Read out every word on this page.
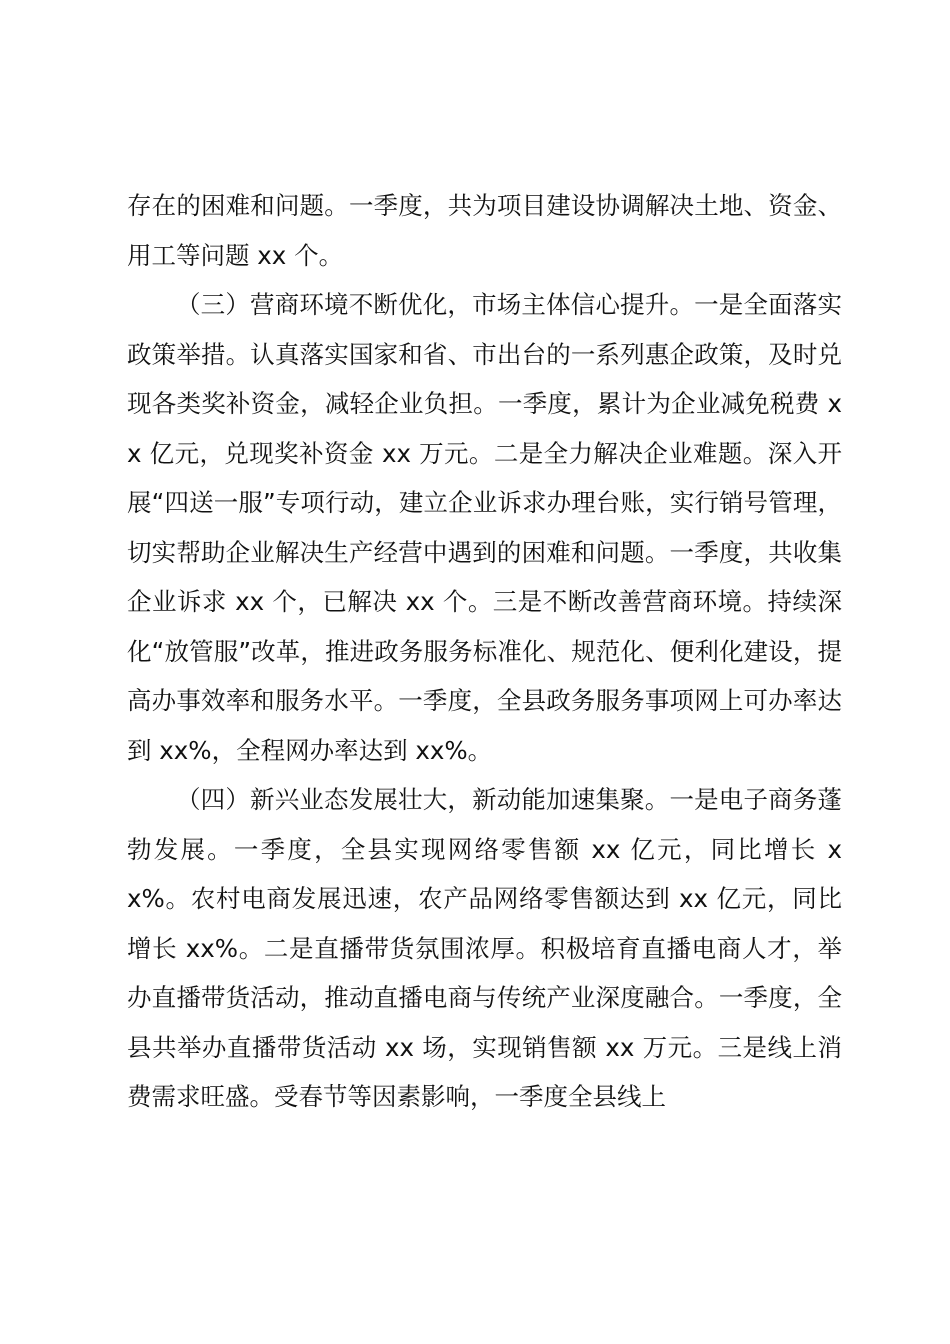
存在的困难和问题。一季度，共为项目建设协调解决土地、资金、用工等问题 xx 个。

（三）营商环境不断优化，市场主体信心提升。一是全面落实政策举措。认真落实国家和省、市出台的一系列惠企政策，及时兑现各类奖补资金，减轻企业负担。一季度，累计为企业减免税费 xx 亿元，兑现奖补资金 xx 万元。二是全力解决企业难题。深入开展“四送一服”专项行动，建立企业诉求办理台账，实行销号管理，切实帮助企业解决生产经营中遇到的困难和问题。一季度，共收集企业诉求 xx 个，已解决 xx 个。三是不断改善营商环境。持续深化“放管服”改革，推进政务服务标准化、规范化、便利化建设，提高办事效率和服务水平。一季度，全县政务服务事项网上可办率达到 xx%，全程网办率达到 xx%。

（四）新兴业态发展壮大，新动能加速集聚。一是电子商务蓬勃发展。一季度，全县实现网络零售额 xx 亿元，同比增长 xx%。农村电商发展迅速，农产品网络零售额达到 xx 亿元，同比增长 xx%。二是直播带货氛围浓厚。积极培育直播电商人才，举办直播带货活动，推动直播电商与传统产业深度融合。一季度，全县共举办直播带货活动 xx 场，实现销售额 xx 万元。三是线上消费需求旺盛。受春节等因素影响，一季度全县线上
